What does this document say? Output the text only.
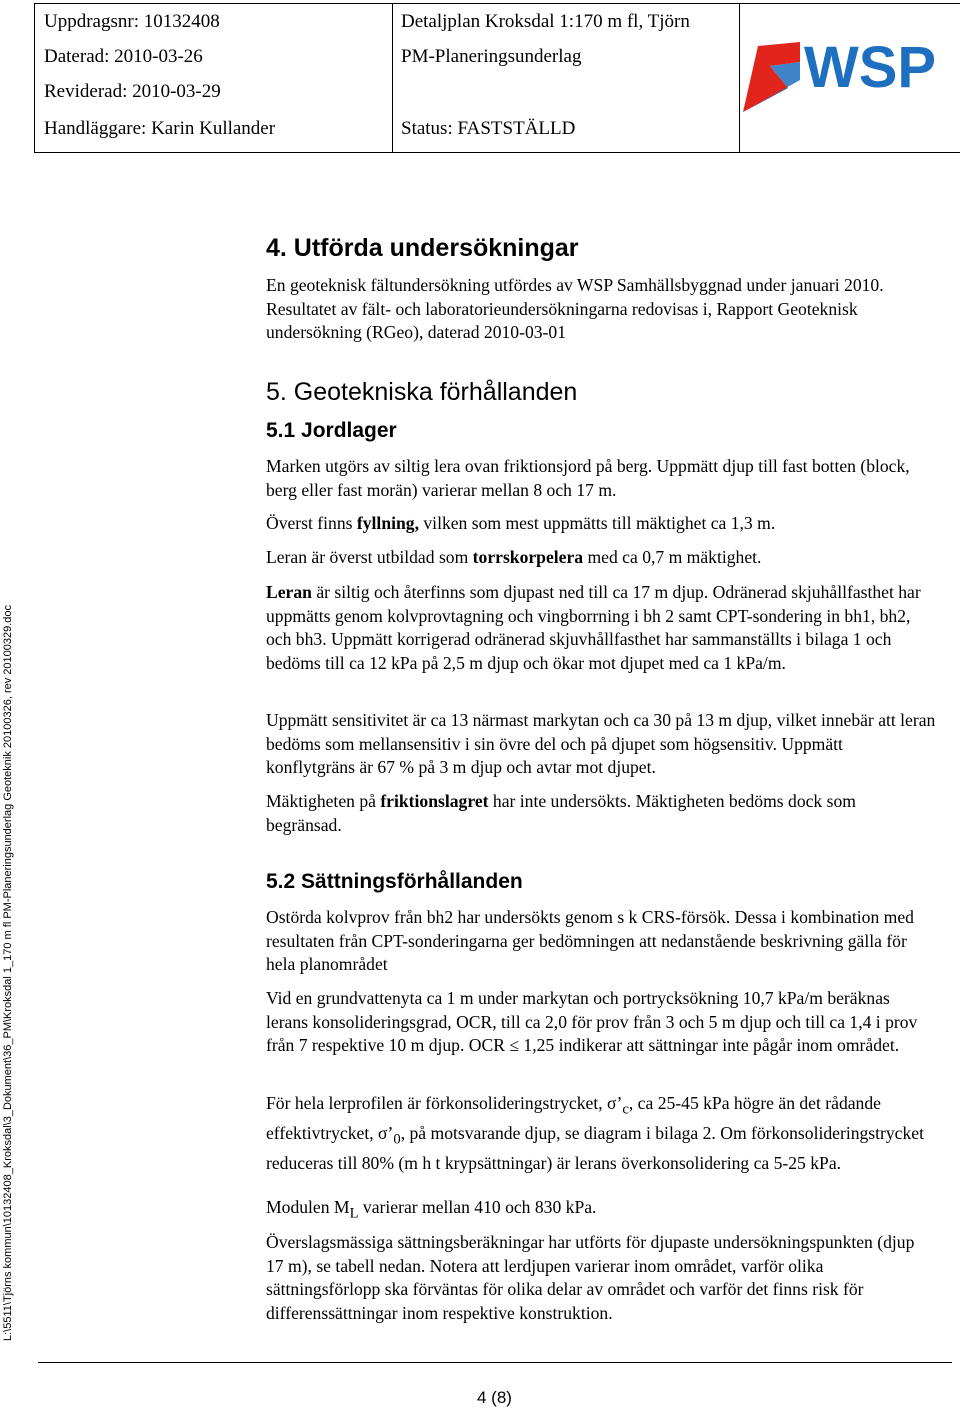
Uppdragsnr: 10132408
Daterad: 2010-03-26
Reviderad: 2010-03-29
Handläggare: Karin Kullander

Detaljplan Kroksdal 1:170 m fl, Tjörn
PM-Planeringsunderlag
Status: FASTSTÄLLD

WSP
L:\5511\Tjörns kommun\10132408_Kroksdal\3_Dokument\36_PM\Kroksdal 1_170 m fl PM-Planeringsunderlag Geoteknik 20100326, rev 20100329.doc
4. Utförda undersökningar

En geoteknisk fältundersökning utfördes av WSP Samhällsbyggnad under januari 2010. Resultatet av fält- och laboratorieundersökningarna redovisas i, Rapport Geoteknisk undersökning (RGeo), daterad 2010-03-01

5. Geotekniska förhållanden
5.1 Jordlager

Marken utgörs av siltig lera ovan friktionsjord på berg. Uppmätt djup till fast botten (block, berg eller fast morän) varierar mellan 8 och 17 m.

Överst finns fyllning, vilken som mest uppmätts till mäktighet ca 1,3 m.

Leran är överst utbildad som torrskorpelera med ca 0,7 m mäktighet.

Leran är siltig och återfinns som djupast ned till ca 17 m djup. Odränerad skjuhållfasthet har uppmätts genom kolvprovtagning och vingborrning i bh 2 samt CPT-sondering in bh1, bh2, och bh3. Uppmätt korrigerad odränerad skjuvhållfasthet har sammanställts i bilaga 1 och bedöms till ca 12 kPa på 2,5 m djup och ökar mot djupet med ca 1 kPa/m.

Uppmätt sensitivitet är ca 13 närmast markytan och ca 30 på 13 m djup, vilket innebär att leran bedöms som mellansensitiv i sin övre del och på djupet som högsensitiv. Uppmätt konflytgräns är 67 % på 3 m djup och avtar mot djupet.

Mäktigheten på friktionslagret har inte undersökts. Mäktigheten bedöms dock som begränsad.

5.2 Sättningsförhållanden

Ostörda kolvprov från bh2 har undersökts genom s k CRS-försök. Dessa i kombination med resultaten från CPT-sonderingarna ger bedömningen att nedanstående beskrivning gälla för hela planområdet

Vid en grundvattenyta ca 1 m under markytan och portrycksökning 10,7 kPa/m beräknas lerans konsolideringsgrad, OCR, till ca 2,0 för prov från 3 och 5 m djup och till ca 1,4 i prov från 7 respektive 10 m djup. OCR ≤ 1,25 indikerar att sättningar inte pågår inom området.

För hela lerprofilen är förkonsolideringstrycket, $\sigma’_c$, ca 25-45 kPa högre än det rådande effektivtrycket, $\sigma’_0$, på motsvarande djup, se diagram i bilaga 2. Om förkonsolideringstrycket reduceras till 80% (m h t krypsättningar) är lerans överkonsolidering ca 5-25 kPa.

Modulen $M_L$ varierar mellan 410 och 830 kPa.

Överslagsmässiga sättningsberäkningar har utförts för djupaste undersökningspunkten (djup 17 m), se tabell nedan. Notera att lerdjupen varierar inom området, varför olika sättningsförlopp ska förväntas för olika delar av området och varför det finns risk för differenssättningar inom respektive konstruktion.

4 (8)
